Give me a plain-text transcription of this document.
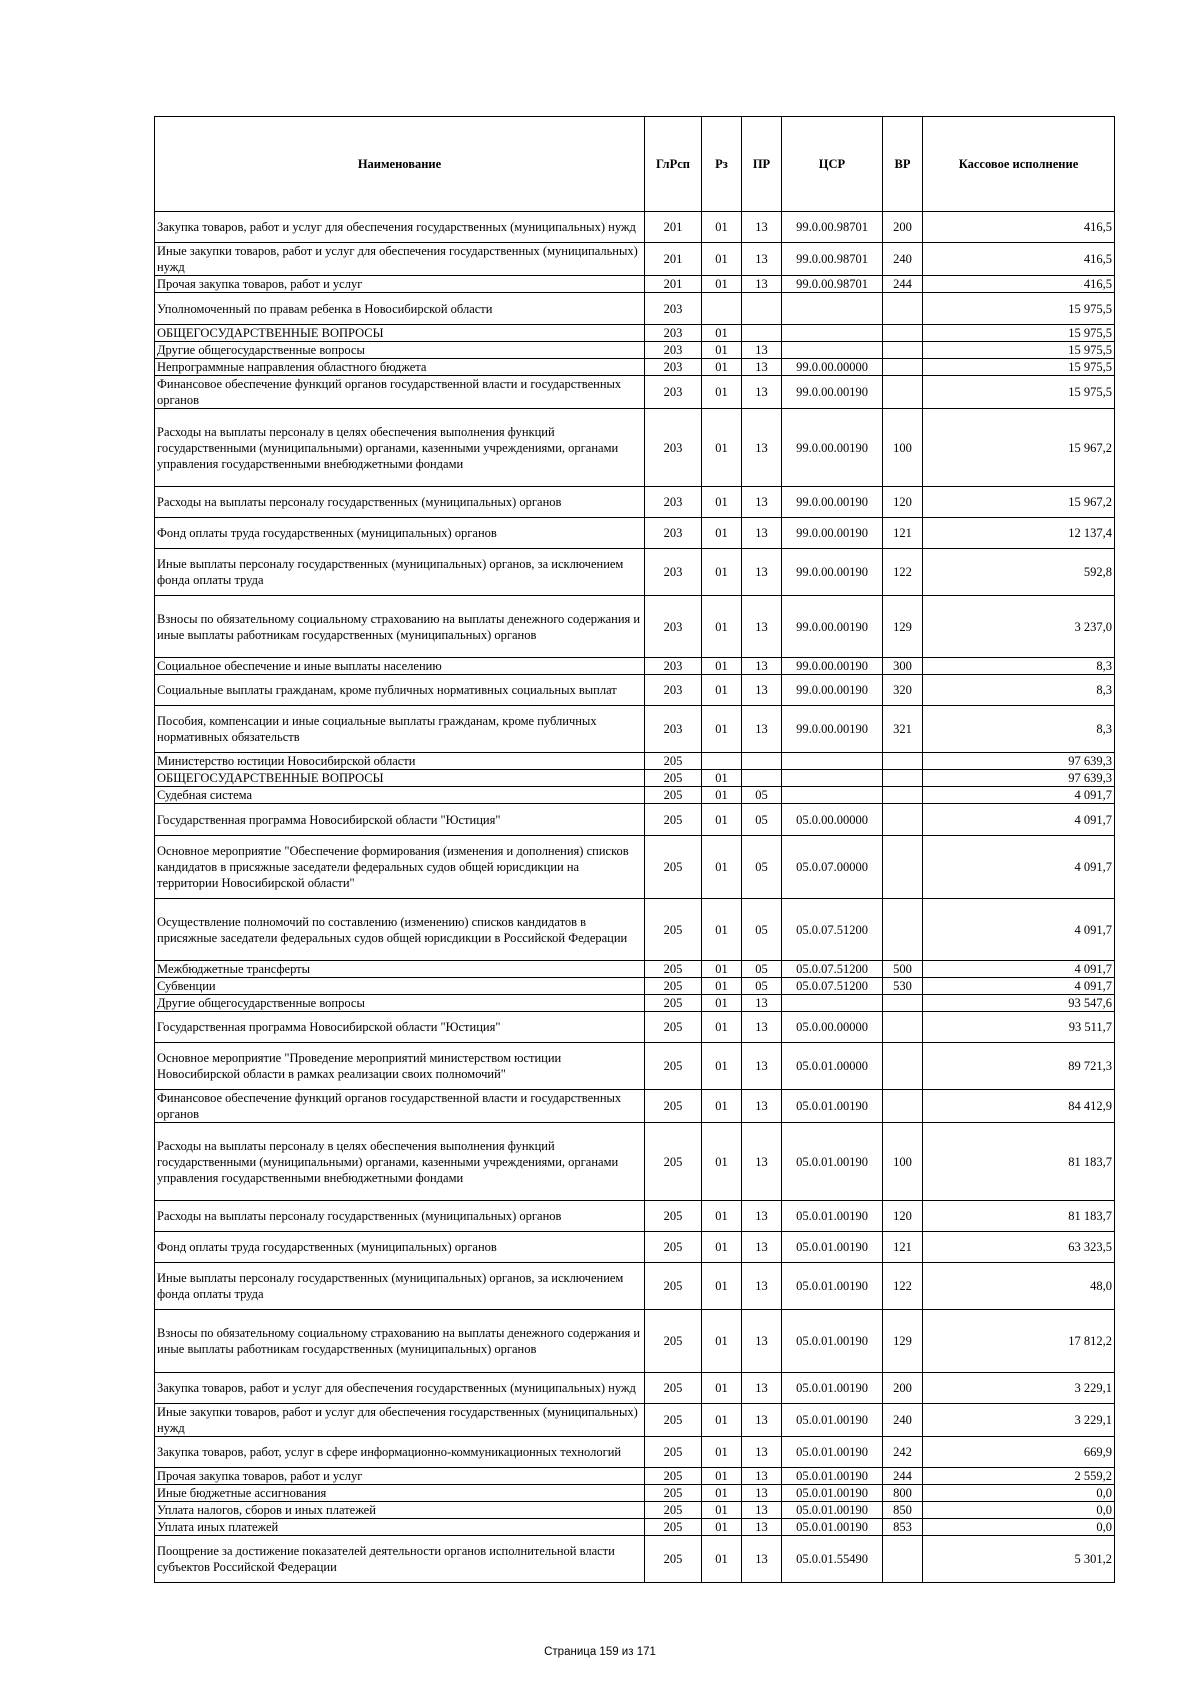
Наименование	ГлРсп	Рз	ПР	ЦСР	ВР	Кассовое исполнение
Закупка товаров, работ и услуг для обеспечения государственных (муниципальных) нужд	201	01	13	99.0.00.98701	200	416,5
Иные закупки товаров, работ и услуг для обеспечения государственных (муниципальных) нужд	201	01	13	99.0.00.98701	240	416,5
Прочая закупка товаров, работ и услуг	201	01	13	99.0.00.98701	244	416,5
Уполномоченный по правам ребенка в Новосибирской области	203					15 975,5
ОБЩЕГОСУДАРСТВЕННЫЕ ВОПРОСЫ	203	01				15 975,5
Другие общегосударственные вопросы	203	01	13			15 975,5
Непрограммные направления областного бюджета	203	01	13	99.0.00.00000		15 975,5
Финансовое обеспечение функций органов государственной власти и государственных органов	203	01	13	99.0.00.00190		15 975,5
Расходы на выплаты персоналу в целях обеспечения выполнения функций государственными (муниципальными) органами, казенными учреждениями, органами управления государственными внебюджетными фондами	203	01	13	99.0.00.00190	100	15 967,2
Расходы на выплаты персоналу государственных (муниципальных) органов	203	01	13	99.0.00.00190	120	15 967,2
Фонд оплаты труда государственных (муниципальных) органов	203	01	13	99.0.00.00190	121	12 137,4
Иные выплаты персоналу государственных (муниципальных) органов, за исключением фонда оплаты труда	203	01	13	99.0.00.00190	122	592,8
Взносы по обязательному социальному страхованию на выплаты денежного содержания и иные выплаты работникам государственных (муниципальных) органов	203	01	13	99.0.00.00190	129	3 237,0
Социальное обеспечение и иные выплаты населению	203	01	13	99.0.00.00190	300	8,3
Социальные выплаты гражданам, кроме публичных нормативных социальных выплат	203	01	13	99.0.00.00190	320	8,3
Пособия, компенсации и иные социальные выплаты гражданам, кроме публичных нормативных обязательств	203	01	13	99.0.00.00190	321	8,3
Министерство юстиции Новосибирской области	205					97 639,3
ОБЩЕГОСУДАРСТВЕННЫЕ ВОПРОСЫ	205	01				97 639,3
Судебная система	205	01	05			4 091,7
Государственная программа Новосибирской области "Юстиция"	205	01	05	05.0.00.00000		4 091,7
Основное мероприятие "Обеспечение формирования (изменения и дополнения) списков кандидатов в присяжные заседатели федеральных судов общей юрисдикции на территории Новосибирской области"	205	01	05	05.0.07.00000		4 091,7
Осуществление полномочий по составлению (изменению) списков кандидатов в присяжные заседатели федеральных судов общей юрисдикции в Российской Федерации	205	01	05	05.0.07.51200		4 091,7
Межбюджетные трансферты	205	01	05	05.0.07.51200	500	4 091,7
Субвенции	205	01	05	05.0.07.51200	530	4 091,7
Другие общегосударственные вопросы	205	01	13			93 547,6
Государственная программа Новосибирской области "Юстиция"	205	01	13	05.0.00.00000		93 511,7
Основное мероприятие "Проведение мероприятий министерством юстиции Новосибирской области в рамках реализации своих полномочий"	205	01	13	05.0.01.00000		89 721,3
Финансовое обеспечение функций органов государственной власти и государственных органов	205	01	13	05.0.01.00190		84 412,9
Расходы на выплаты персоналу в целях обеспечения выполнения функций государственными (муниципальными) органами, казенными учреждениями, органами управления государственными внебюджетными фондами	205	01	13	05.0.01.00190	100	81 183,7
Расходы на выплаты персоналу государственных (муниципальных) органов	205	01	13	05.0.01.00190	120	81 183,7
Фонд оплаты труда государственных (муниципальных) органов	205	01	13	05.0.01.00190	121	63 323,5
Иные выплаты персоналу государственных (муниципальных) органов, за исключением фонда оплаты труда	205	01	13	05.0.01.00190	122	48,0
Взносы по обязательному социальному страхованию на выплаты денежного содержания и иные выплаты работникам государственных (муниципальных) органов	205	01	13	05.0.01.00190	129	17 812,2
Закупка товаров, работ и услуг для обеспечения государственных (муниципальных) нужд	205	01	13	05.0.01.00190	200	3 229,1
Иные закупки товаров, работ и услуг для обеспечения государственных (муниципальных) нужд	205	01	13	05.0.01.00190	240	3 229,1
Закупка товаров, работ, услуг в сфере информационно-коммуникационных технологий	205	01	13	05.0.01.00190	242	669,9
Прочая закупка товаров, работ и услуг	205	01	13	05.0.01.00190	244	2 559,2
Иные бюджетные ассигнования	205	01	13	05.0.01.00190	800	0,0
Уплата налогов, сборов и иных платежей	205	01	13	05.0.01.00190	850	0,0
Уплата иных платежей	205	01	13	05.0.01.00190	853	0,0
Поощрение за достижение показателей деятельности органов исполнительной власти субъектов Российской Федерации	205	01	13	05.0.01.55490		5 301,2
Страница 159 из 171
